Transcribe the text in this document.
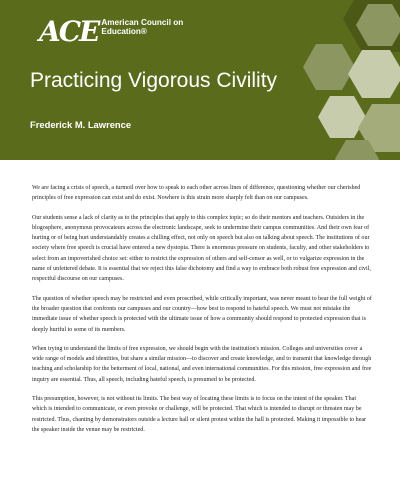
ACE American Council on Education®
Practicing Vigorous Civility
Frederick M. Lawrence

We are facing a crisis of speech, a turmoil over how to speak to each other across lines of difference, questioning whether our cherished principles of free expression can exist and do exist. Nowhere is this strain more sharply felt than on our campuses.

Our students sense a lack of clarity as to the principles that apply to this complex topic; so do their mentors and teachers. Outsiders in the blogosphere, anonymous provocateurs across the electronic landscape, seek to undermine their campus communities. And their own fear of hurting or of being hurt understandably creates a chilling effect, not only on speech but also on talking about speech. The institutions of our society where free speech is crucial have entered a new dystopia. There is enormous pressure on students, faculty, and other stakeholders to select from an impoverished choice set: either to restrict the expression of others and self-censor as well, or to vulgarize expression in the name of unfettered debate. It is essential that we reject this false dichotomy and find a way to embrace both robust free expression and civil, respectful discourse on our campuses.

The question of whether speech may be restricted and even proscribed, while critically important, was never meant to bear the full weight of the broader question that confronts our campuses and our country—how best to respond to hateful speech. We must not mistake the immediate issue of whether speech is protected with the ultimate issue of how a community should respond to protected expression that is deeply hurtful to some of its members.

When trying to understand the limits of free expression, we should begin with the institution's mission. Colleges and universities cover a wide range of models and identities, but share a similar mission—to discover and create knowledge, and to transmit that knowledge through teaching and scholarship for the betterment of local, national, and even international communities. For this mission, free expression and free inquiry are essential. Thus, all speech, including hateful speech, is presumed to be protected.

This presumption, however, is not without its limits. The best way of locating these limits is to focus on the intent of the speaker. That which is intended to communicate, or even provoke or challenge, will be protected. That which is intended to disrupt or threaten may be restricted. Thus, chanting by demonstrators outside a lecture hall or silent protest within the hall is protected. Making it impossible to hear the speaker inside the venue may be restricted.
